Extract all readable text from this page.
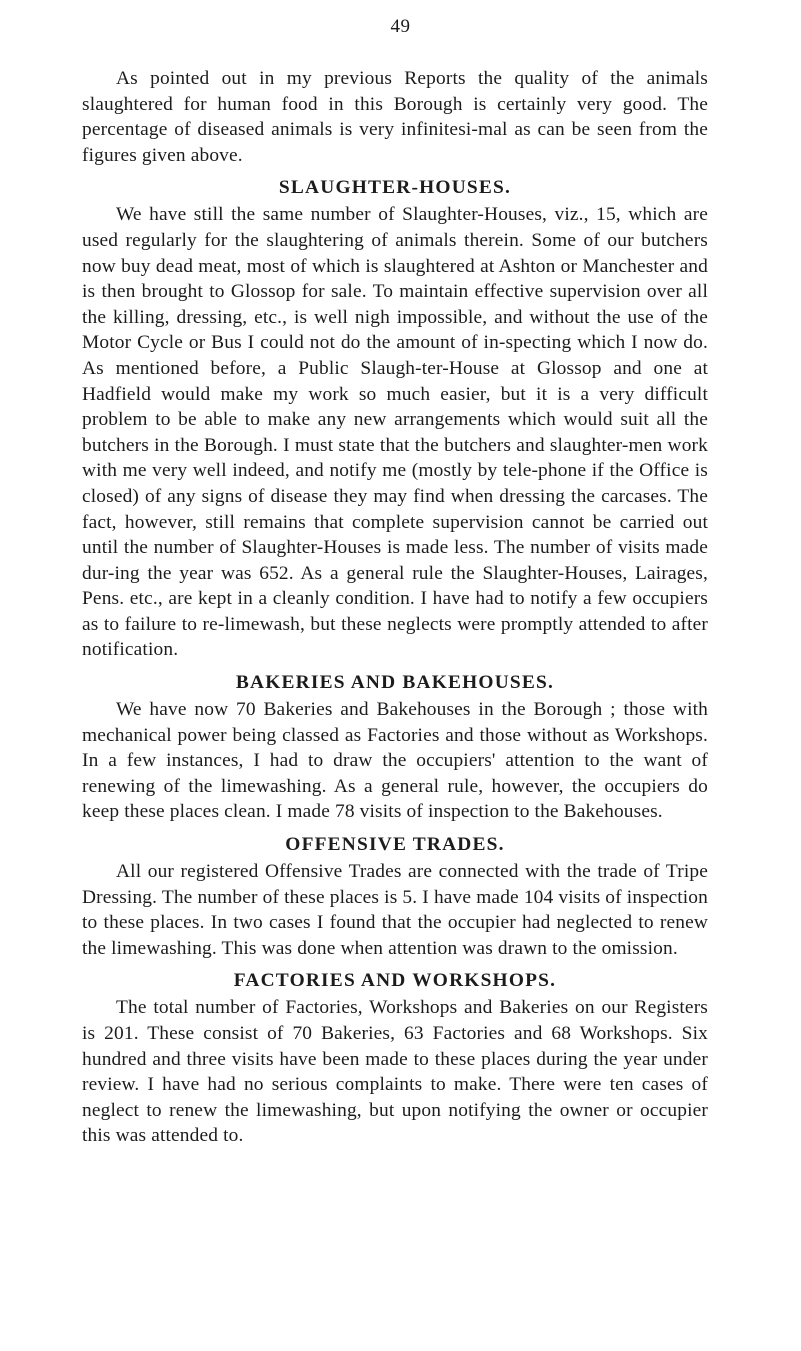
49

As pointed out in my previous Reports the quality of the animals slaughtered for human food in this Borough is certainly very good. The percentage of diseased animals is very infinitesi-mal as can be seen from the figures given above.

SLAUGHTER-HOUSES.

We have still the same number of Slaughter-Houses, viz., 15, which are used regularly for the slaughtering of animals therein. Some of our butchers now buy dead meat, most of which is slaughtered at Ashton or Manchester and is then brought to Glossop for sale. To maintain effective supervision over all the killing, dressing, etc., is well nigh impossible, and without the use of the Motor Cycle or Bus I could not do the amount of in-specting which I now do. As mentioned before, a Public Slaugh-ter-House at Glossop and one at Hadfield would make my work so much easier, but it is a very difficult problem to be able to make any new arrangements which would suit all the butchers in the Borough. I must state that the butchers and slaughter-men work with me very well indeed, and notify me (mostly by tele-phone if the Office is closed) of any signs of disease they may find when dressing the carcases. The fact, however, still remains that complete supervision cannot be carried out until the number of Slaughter-Houses is made less. The number of visits made dur-ing the year was 652. As a general rule the Slaughter-Houses, Lairages, Pens. etc., are kept in a cleanly condition. I have had to notify a few occupiers as to failure to re-limewash, but these neglects were promptly attended to after notification.

BAKERIES AND BAKEHOUSES.

We have now 70 Bakeries and Bakehouses in the Borough ; those with mechanical power being classed as Factories and those without as Workshops. In a few instances, I had to draw the occupiers' attention to the want of renewing of the limewashing. As a general rule, however, the occupiers do keep these places clean. I made 78 visits of inspection to the Bakehouses.

OFFENSIVE TRADES.

All our registered Offensive Trades are connected with the trade of Tripe Dressing. The number of these places is 5. I have made 104 visits of inspection to these places. In two cases I found that the occupier had neglected to renew the limewashing. This was done when attention was drawn to the omission.

FACTORIES AND WORKSHOPS.

The total number of Factories, Workshops and Bakeries on our Registers is 201. These consist of 70 Bakeries, 63 Factories and 68 Workshops. Six hundred and three visits have been made to these places during the year under review. I have had no serious complaints to make. There were ten cases of neglect to renew the limewashing, but upon notifying the owner or occupier this was attended to.
